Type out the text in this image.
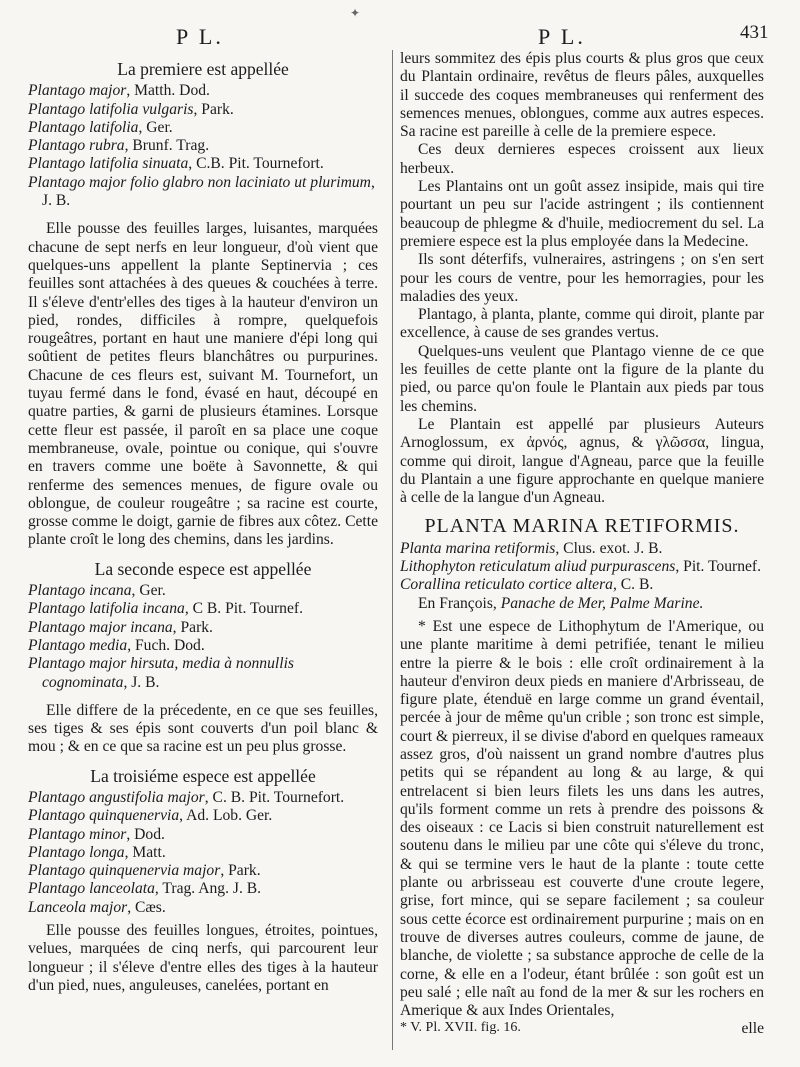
✦
P L.	P L.	431
La premiere est appellée

Plantago major, Matth. Dod.

Plantago latifolia vulgaris, Park.

Plantago latifolia, Ger.

Plantago rubra, Brunf. Trag.

Plantago latifolia sinuata, C.B. Pit. Tournefort.

Plantago major folio glabro non laciniato ut plurimum, J. B.

Elle pousse des feuilles larges, luisantes, marquées chacune de sept nerfs en leur longueur, d'où vient que quelques-uns appellent la plante Septinervia ; ces feuilles sont attachées à des queues & couchées à terre. Il s'éleve d'entr'elles des tiges à la hauteur d'environ un pied, rondes, difficiles à rompre, quelquefois rougeâtres, portant en haut une maniere d'épi long qui soûtient de petites fleurs blanchâtres ou purpurines. Chacune de ces fleurs est, suivant M. Tournefort, un tuyau fermé dans le fond, évasé en haut, découpé en quatre parties, & garni de plusieurs étamines. Lorsque cette fleur est passée, il paroît en sa place une coque membraneuse, ovale, pointue ou conique, qui s'ouvre en travers comme une boëte à Savonnette, & qui renferme des semences menues, de figure ovale ou oblongue, de couleur rougeâtre ; sa racine est courte, grosse comme le doigt, garnie de fibres aux côtez. Cette plante croît le long des chemins, dans les jardins.

La seconde espece est appellée

Plantago incana, Ger.

Plantago latifolia incana, C B. Pit. Tournef.

Plantago major incana, Park.

Plantago media, Fuch. Dod.

Plantago major hirsuta, media à nonnullis cognominata, J. B.

Elle differe de la précedente, en ce que ses feuilles, ses tiges & ses épis sont couverts d'un poil blanc & mou ; & en ce que sa racine est un peu plus grosse.

La troisiéme espece est appellée

Plantago angustifolia major, C. B. Pit. Tournefort.

Plantago quinquenervia, Ad. Lob. Ger.

Plantago minor, Dod.

Plantago longa, Matt.

Plantago quinquenervia major, Park.

Plantago lanceolata, Trag. Ang. J. B.

Lanceola major, Cæs.

Elle pousse des feuilles longues, étroites, pointues, velues, marquées de cinq nerfs, qui parcourent leur longueur ; il s'éleve d'entre elles des tiges à la hauteur d'un pied, nues, anguleuses, canelées, portant en

leurs sommitez des épis plus courts & plus gros que ceux du Plantain ordinaire, revêtus de fleurs pâles, auxquelles il succede des coques membraneuses qui renferment des semences menues, oblongues, comme aux autres especes. Sa racine est pareille à celle de la premiere espece.

Ces deux dernieres especes croissent aux lieux herbeux.

Les Plantains ont un goût assez insipide, mais qui tire pourtant un peu sur l'acide astringent ; ils contiennent beaucoup de phlegme & d'huile, mediocrement du sel. La premiere espece est la plus employée dans la Medecine.

Ils sont déterfifs, vulneraires, astringens ; on s'en sert pour les cours de ventre, pour les hemorragies, pour les maladies des yeux.

Plantago, à planta, plante, comme qui diroit, plante par excellence, à cause de ses grandes vertus.

Quelques-uns veulent que Plantago vienne de ce que les feuilles de cette plante ont la figure de la plante du pied, ou parce qu'on foule le Plantain aux pieds par tous les chemins.

Le Plantain est appellé par plusieurs Auteurs Arnoglossum, ex ἀρνός, agnus, & γλῶσσα, lingua, comme qui diroit, langue d'Agneau, parce que la feuille du Plantain a une figure approchante en quelque maniere à celle de la langue d'un Agneau.

PLANTA MARINA RETIFORMIS.

Planta marina retiformis, Clus. exot. J. B.

Lithophyton reticulatum aliud purpurascens, Pit. Tournef.

Corallina reticulato cortice altera, C. B.

En François, Panache de Mer, Palme Marine.

* Est une espece de Lithophytum de l'Amerique, ou une plante maritime à demi petrifiée, tenant le milieu entre la pierre & le bois : elle croît ordinairement à la hauteur d'environ deux pieds en maniere d'Arbrisseau, de figure plate, étenduë en large comme un grand éventail, percée à jour de même qu'un crible ; son tronc est simple, court & pierreux, il se divise d'abord en quelques rameaux assez gros, d'où naissent un grand nombre d'autres plus petits qui se répandent au long & au large, & qui entrelacent si bien leurs filets les uns dans les autres, qu'ils forment comme un rets à prendre des poissons & des oiseaux : ce Lacis si bien construit naturellement est soutenu dans le milieu par une côte qui s'éleve du tronc, & qui se termine vers le haut de la plante : toute cette plante ou arbrisseau est couverte d'une croute legere, grise, fort mince, qui se separe facilement ; sa couleur sous cette écorce est ordinairement purpurine ; mais on en trouve de diverses autres couleurs, comme de jaune, de blanche, de violette ; sa substance approche de celle de la corne, & elle en a l'odeur, étant brûlée : son goût est un peu salé ; elle naît au fond de la mer & sur les rochers en Amerique & aux Indes Orientales,

elle

* V. Pl. XVII. fig. 16.
